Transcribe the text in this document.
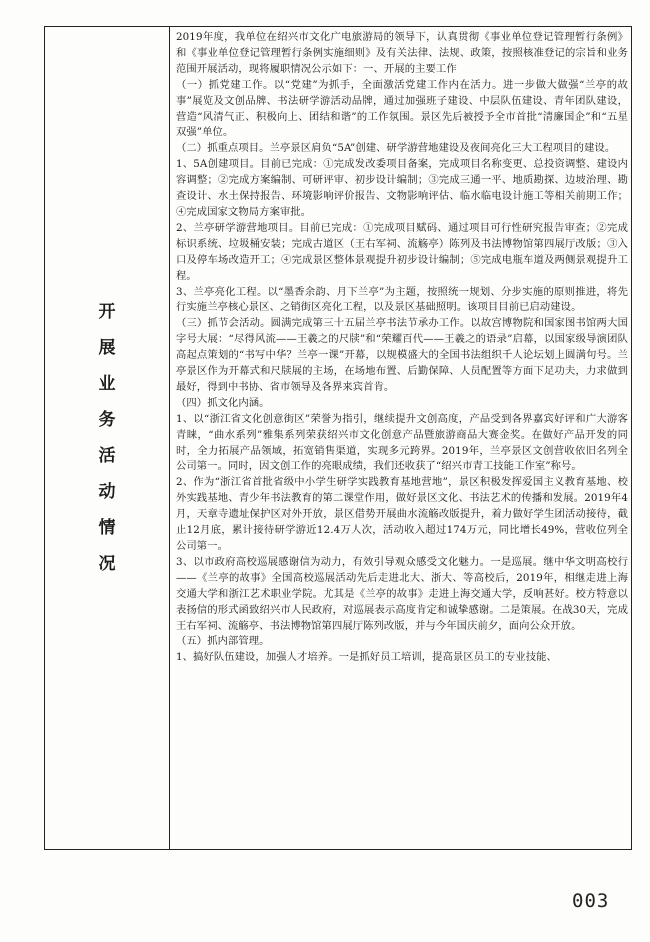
开
展
业
务
活
动
情
况

2019年度，我单位在绍兴市文化广电旅游局的领导下，认真贯彻《事业单位登记管理暂行条例》和《事业单位登记管理暂行条例实施细则》及有关法律、法规、政策，按照核准登记的宗旨和业务范围开展活动，现将履职情况公示如下：一、开展的主要工作

（一）抓党建工作。以“党建”为抓手，全面激活党建工作内在活力。进一步做大做强“兰亭的故事”展览及文创品牌、书法研学游活动品牌，通过加强班子建设、中层队伍建设、青年团队建设，营造“风清气正、积极向上、团结和谐”的工作氛围。景区先后被授予全市首批“清廉国企”和“五星双强”单位。

（二）抓重点项目。兰亭景区肩负“5A”创建、研学游营地建设及夜间亮化三大工程项目的建设。

1、5A创建项目。目前已完成：①完成发改委项目备案，完成项目名称变更、总投资调整、建设内容调整；②完成方案编制、可研评审、初步设计编制；③完成三通一平、地质勘探、边坡治理、勘查设计、水土保持报告、环境影响评价报告、文物影响评估、临水临电设计施工等相关前期工作；④完成国家文物局方案审批。

2、兰亭研学游营地项目。目前已完成：①完成项目赋码、通过项目可行性研究报告审查；②完成标识系统、垃圾桶安装；完成古道区（王右军祠、流觞亭）陈列及书法博物馆第四展厅改版；③入口及停车场改造开工；④完成景区整体景观提升初步设计编制；⑤完成电瓶车道及两侧景观提升工程。

3、兰亭亮化工程。以“墨香余韵、月下兰亭”为主题，按照统一规划、分步实施的原则推进，将先行实施兰亭核心景区、之销街区亮化工程，以及景区基础照明。该项目目前已启动建设。

（三）抓节会活动。圆满完成第三十五届兰亭书法节承办工作。以故宫博物院和国家图书馆两大国字号大展：“尽得风流——王羲之的尺牍”和“荣耀百代——王羲之的语录”启幕，以国家级导演团队高起点策划的“书写中华？兰亭一课”开幕，以规模盛大的全国书法组织千人论坛划上圆满句号。兰亭景区作为开幕式和尺牍展的主场，在场地布置、后勤保障、人员配置等方面下足功夫，力求做到最好，得到中书协、省市领导及各界来宾首肯。

（四）抓文化内涵。

1、以“浙江省文化创意街区”荣誉为指引，继续提升文创高度，产品受到各界嘉宾好评和广大游客青睐，“曲水系列”雅集系列荣获绍兴市文化创意产品暨旅游商品大赛金奖。在做好产品开发的同时，全力拓展产品领域，拓宽销售渠道，实现多元跨界。2019年，兰亭景区文创营收依旧名列全公司第一。同时，因文创工作的亮眼成绩，我们还收获了“绍兴市青工技能工作室”称号。

2、作为“浙江省首批省级中小学生研学实践教育基地营地”，景区积极发挥爱国主义教育基地、校外实践基地、青少年书法教育的第二课堂作用，做好景区文化、书法艺术的传播和发展。2019年4月，天章寺遗址保护区对外开放，景区借势开展曲水流觞改版提升，着力做好学生团活动接待，截止12月底，累计接待研学游近12.4万人次，活动收入超过174万元，同比增长49%，营收位列全公司第一。

3、以市政府高校巡展感谢信为动力，有效引导观众感受文化魅力。一是巡展。继中华文明高校行——《兰亭的故事》全国高校巡展活动先后走进北大、浙大、等高校后，2019年，相继走进上海交通大学和浙江艺术职业学院。尤其是《兰亭的故事》走进上海交通大学，反响甚好。校方特意以表扬信的形式函致绍兴市人民政府，对巡展表示高度肯定和诚挚感谢。二是策展。在战30天，完成王右军祠、流觞亭、书法博物馆第四展厅陈列改版，并与今年国庆前夕，面向公众开放。

（五）抓内部管理。

1、搞好队伍建设，加强人才培养。一是抓好员工培训，提高景区员工的专业技能、

003
